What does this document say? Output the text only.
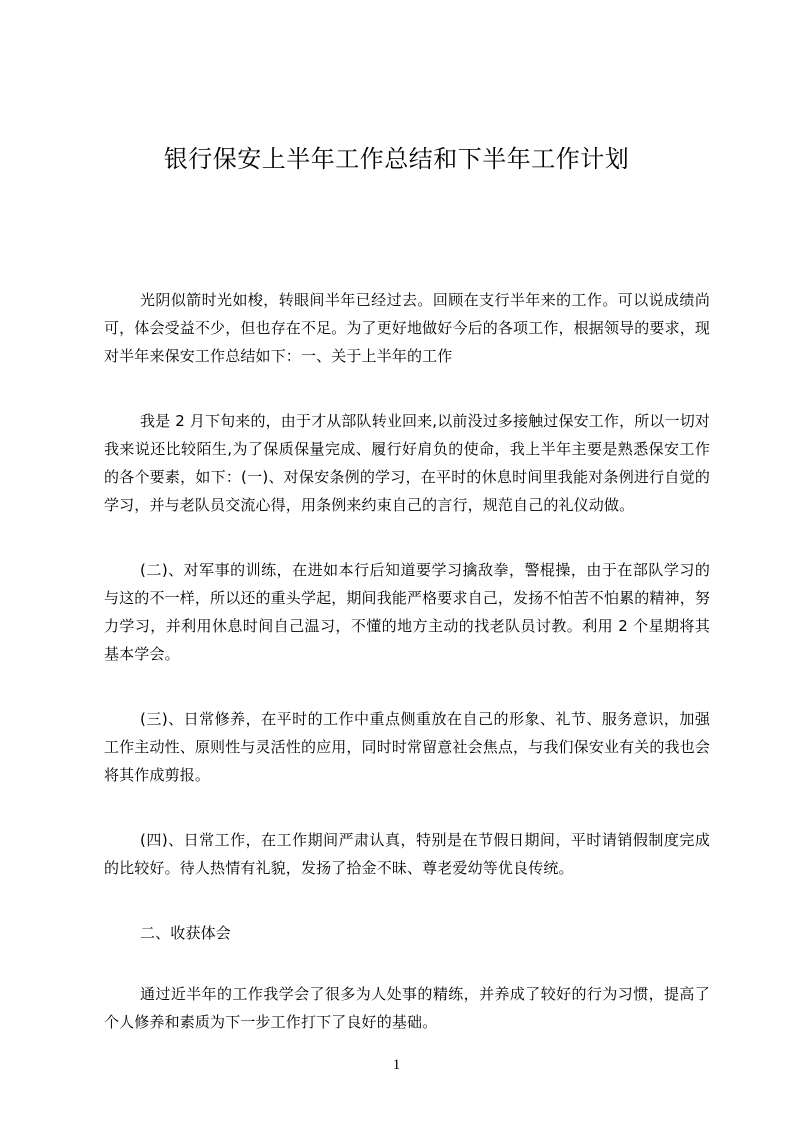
银行保安上半年工作总结和下半年工作计划

光阴似箭时光如梭，转眼间半年已经过去。回顾在支行半年来的工作。可以说成绩尚可，体会受益不少，但也存在不足。为了更好地做好今后的各项工作，根据领导的要求，现对半年来保安工作总结如下：一、关于上半年的工作

我是 2 月下旬来的，由于才从部队转业回来,以前没过多接触过保安工作，所以一切对我来说还比较陌生,为了保质保量完成、履行好肩负的使命，我上半年主要是熟悉保安工作的各个要素，如下：(一)、对保安条例的学习，在平时的休息时间里我能对条例进行自觉的学习，并与老队员交流心得，用条例来约束自己的言行，规范自己的礼仪动做。

(二)、对军事的训练，在进如本行后知道要学习擒敌拳，警棍操，由于在部队学习的与这的不一样，所以还的重头学起，期间我能严格要求自己，发扬不怕苦不怕累的精神，努力学习，并利用休息时间自己温习，不懂的地方主动的找老队员讨教。利用 2 个星期将其基本学会。

(三)、日常修养，在平时的工作中重点侧重放在自己的形象、礼节、服务意识，加强工作主动性、原则性与灵活性的应用，同时时常留意社会焦点，与我们保安业有关的我也会将其作成剪报。

(四)、日常工作，在工作期间严肃认真，特别是在节假日期间，平时请销假制度完成的比较好。待人热情有礼貌，发扬了拾金不昧、尊老爱幼等优良传统。

二、收获体会

通过近半年的工作我学会了很多为人处事的精练，并养成了较好的行为习惯，提高了个人修养和素质为下一步工作打下了良好的基础。

1
